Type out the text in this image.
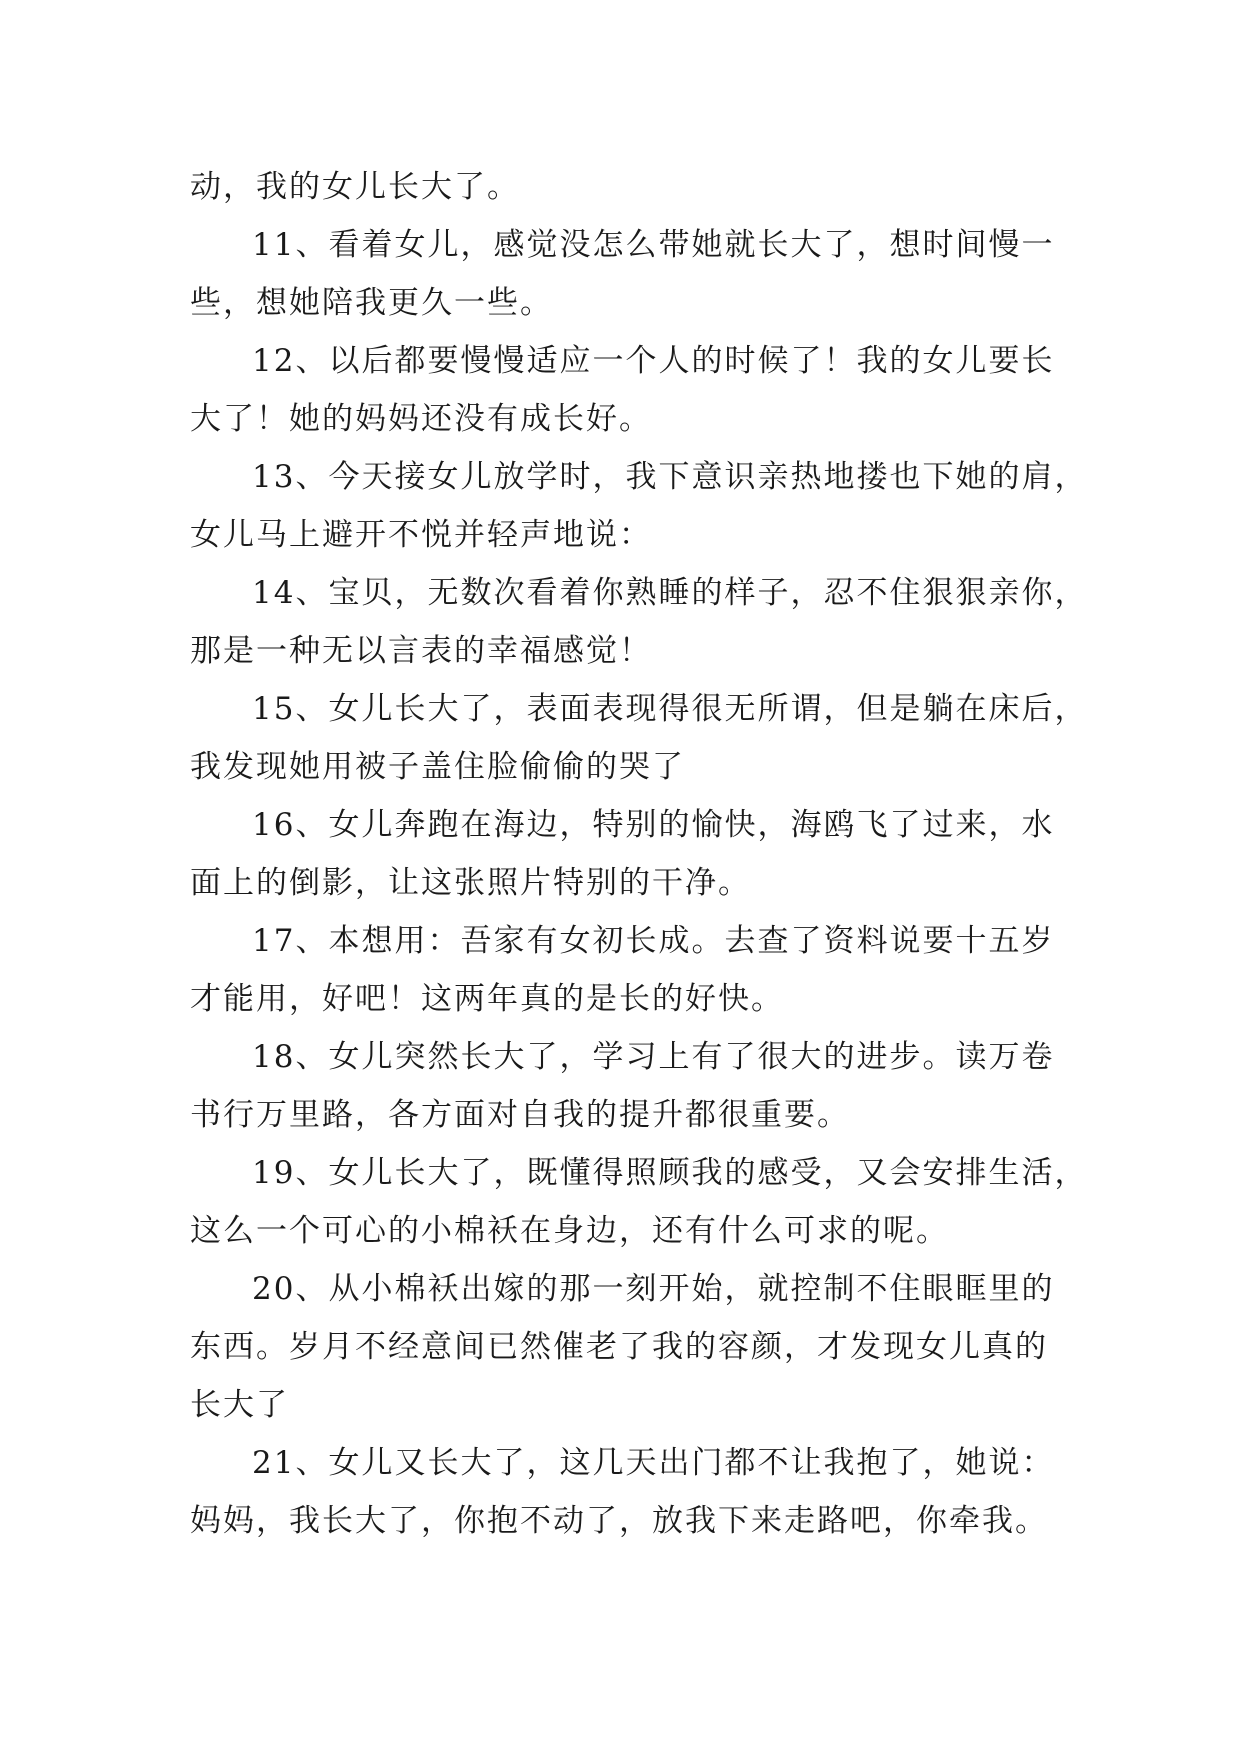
动，我的女儿长大了。

11、看着女儿，感觉没怎么带她就长大了，想时间慢一
些，想她陪我更久一些。

12、以后都要慢慢适应一个人的时候了！我的女儿要长
大了！她的妈妈还没有成长好。

13、今天接女儿放学时，我下意识亲热地搂也下她的肩，
女儿马上避开不悦并轻声地说：

14、宝贝，无数次看着你熟睡的样子，忍不住狠狠亲你，
那是一种无以言表的幸福感觉！

15、女儿长大了，表面表现得很无所谓，但是躺在床后，
我发现她用被子盖住脸偷偷的哭了

16、女儿奔跑在海边，特别的愉快，海鸥飞了过来，水
面上的倒影，让这张照片特别的干净。

17、本想用：吾家有女初长成。去查了资料说要十五岁
才能用，好吧！这两年真的是长的好快。

18、女儿突然长大了，学习上有了很大的进步。读万卷
书行万里路，各方面对自我的提升都很重要。

19、女儿长大了，既懂得照顾我的感受，又会安排生活，
这么一个可心的小棉袄在身边，还有什么可求的呢。

20、从小棉袄出嫁的那一刻开始，就控制不住眼眶里的
东西。岁月不经意间已然催老了我的容颜，才发现女儿真的
长大了

21、女儿又长大了，这几天出门都不让我抱了，她说：
妈妈，我长大了，你抱不动了，放我下来走路吧，你牵我。
